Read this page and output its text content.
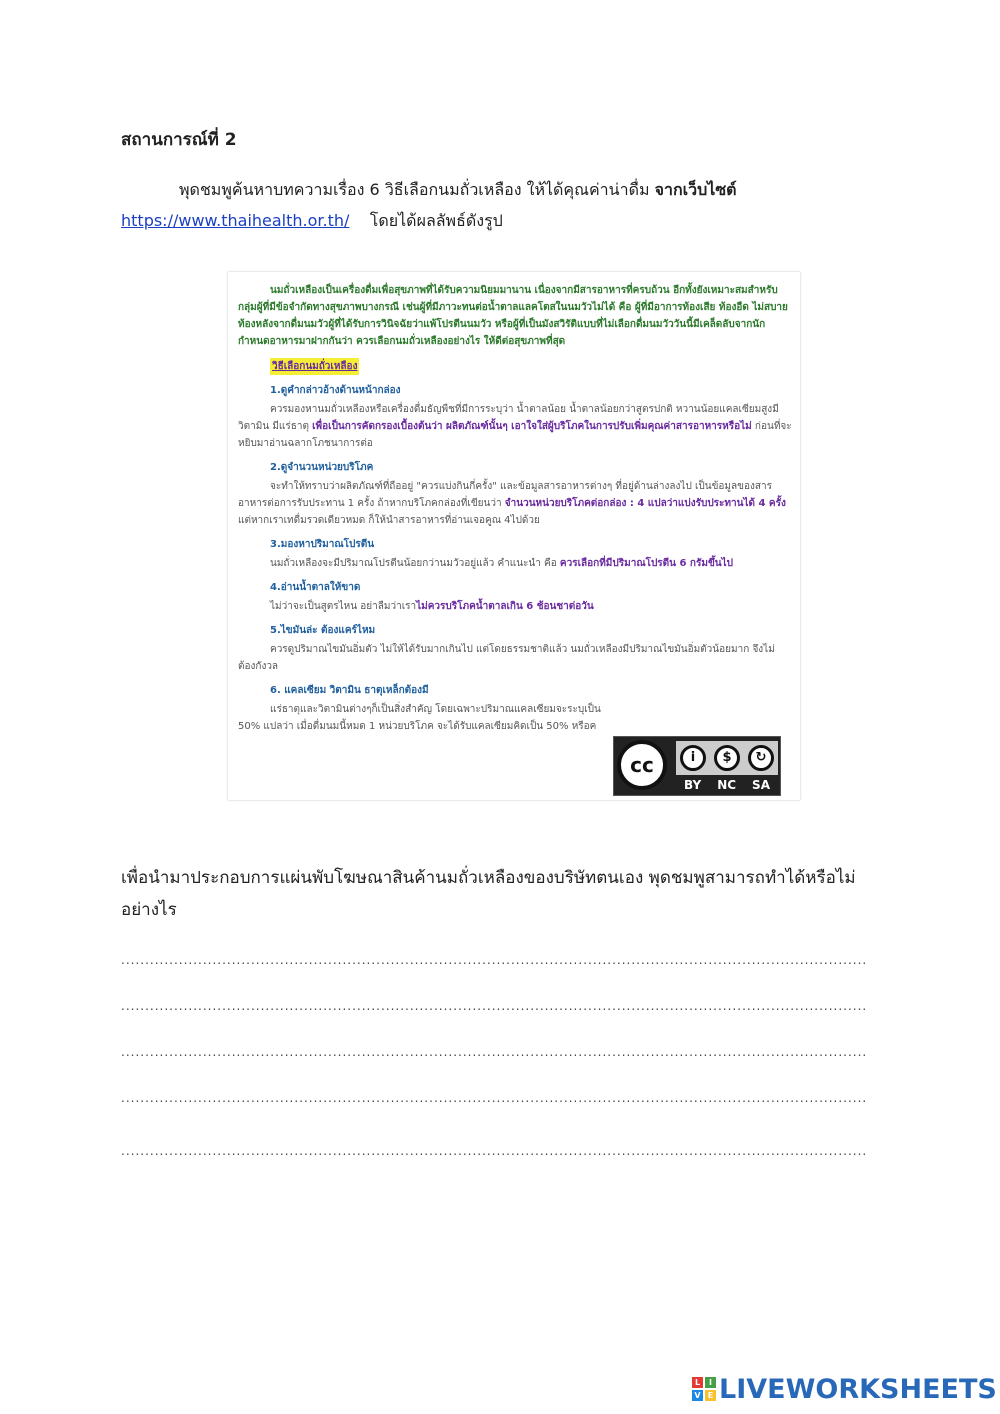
สถานการณ์ที่ 2
พุดชมพูค้นหาบทความเรื่อง 6 วิธีเลือกนมถั่วเหลือง ให้ได้คุณค่าน่าดื่ม จากเว็บไซต์
https://www.thaihealth.or.th/ โดยได้ผลลัพธ์ดังรูป
นมถั่วเหลืองเป็นเครื่องดื่มเพื่อสุขภาพที่ได้รับความนิยมมานาน เนื่องจากมีสารอาหารที่ครบถ้วน อีกทั้งยังเหมาะสมสำหรับกลุ่มผู้ที่มีข้อจำกัดทางสุขภาพบางกรณี เช่นผู้ที่มีภาวะทนต่อน้ำตาลแลคโตสในนมวัวไม่ได้ คือ ผู้ที่มีอาการท้องเสีย ท้องอืด ไม่สบายท้องหลังจากดื่มนมวัวผู้ที่ได้รับการวินิจฉัยว่าแพ้โปรตีนนมวัว หรือผู้ที่เป็นมังสวิรัติแบบที่ไม่เลือกดื่มนมวัววันนี้มีเคล็ดลับจากนักกำหนดอาหารมาฝากกันว่า ควรเลือกนมถั่วเหลืองอย่างไร ให้ดีต่อสุขภาพที่สุด
วิธีเลือกนมถั่วเหลือง
1.ดูคำกล่าวอ้างด้านหน้ากล่อง
ควรมองหานมถั่วเหลืองหรือเครื่องดื่มธัญพืชที่มีการระบุว่า น้ำตาลน้อย น้ำตาลน้อยกว่าสูตรปกติ หวานน้อยแคลเซียมสูงมีวิตามิน มีแร่ธาตุ เพื่อเป็นการคัดกรองเบื้องต้นว่า ผลิตภัณฑ์นั้นๆ เอาใจใส่ผู้บริโภคในการปรับเพิ่มคุณค่าสารอาหารหรือไม่ ก่อนที่จะหยิบมาอ่านฉลากโภชนาการต่อ
2.ดูจำนวนหน่วยบริโภค
จะทำให้ทราบว่าผลิตภัณฑ์ที่ถืออยู่ "ควรแบ่งกินกี่ครั้ง" และข้อมูลสารอาหารต่างๆ ที่อยู่ด้านล่างลงไป เป็นข้อมูลของสารอาหารต่อการรับประทาน 1 ครั้ง ถ้าหากบริโภคกล่องที่เขียนว่า จำนวนหน่วยบริโภคต่อกล่อง : 4 แปลว่าแบ่งรับประทานได้ 4 ครั้ง แต่หากเราเทดื่มรวดเดียวหมด ก็ให้นำสารอาหารที่อ่านเจอคูณ 4ไปด้วย
3.มองหาปริมาณโปรตีน
นมถั่วเหลืองจะมีปริมาณโปรตีนน้อยกว่านมวัวอยู่แล้ว คำแนะนำ คือ ควรเลือกที่มีปริมาณโปรตีน 6 กรัมขึ้นไป
4.อ่านน้ำตาลให้ขาด
ไม่ว่าจะเป็นสูตรไหน อย่าลืมว่าเราไม่ควรบริโภคน้ำตาลเกิน 6 ช้อนชาต่อวัน
5.ไขมันล่ะ ต้องแคร์ไหม
ควรดูปริมาณไขมันอิ่มตัว ไม่ให้ได้รับมากเกินไป แต่โดยธรรมชาติแล้ว นมถั่วเหลืองมีปริมาณไขมันอิ่มตัวน้อยมาก จึงไม่ต้องกังวล
6. แคลเซียม วิตามิน ธาตุเหล็กต้องมี
แร่ธาตุและวิตามินต่างๆก็เป็นสิ่งสำคัญ โดยเฉพาะปริมาณแคลเซียมจะระบุเป็น
50% แปลว่า เมื่อดื่มนมนี้หมด 1 หน่วยบริโภค จะได้รับแคลเซียมคิดเป็น 50% หรือค
cc	i	$	↻
BY NC SA
เพื่อนำมาประกอบการแผ่นพับโฆษณาสินค้านมถั่วเหลืองของบริษัทตนเอง พุดชมพูสามารถทำได้หรือไม่อย่างไร
...........................................................................................................................................................
...........................................................................................................................................................
...........................................................................................................................................................
...........................................................................................................................................................
...........................................................................................................................................................
L	I
V E LIVEWORKSHEETS
